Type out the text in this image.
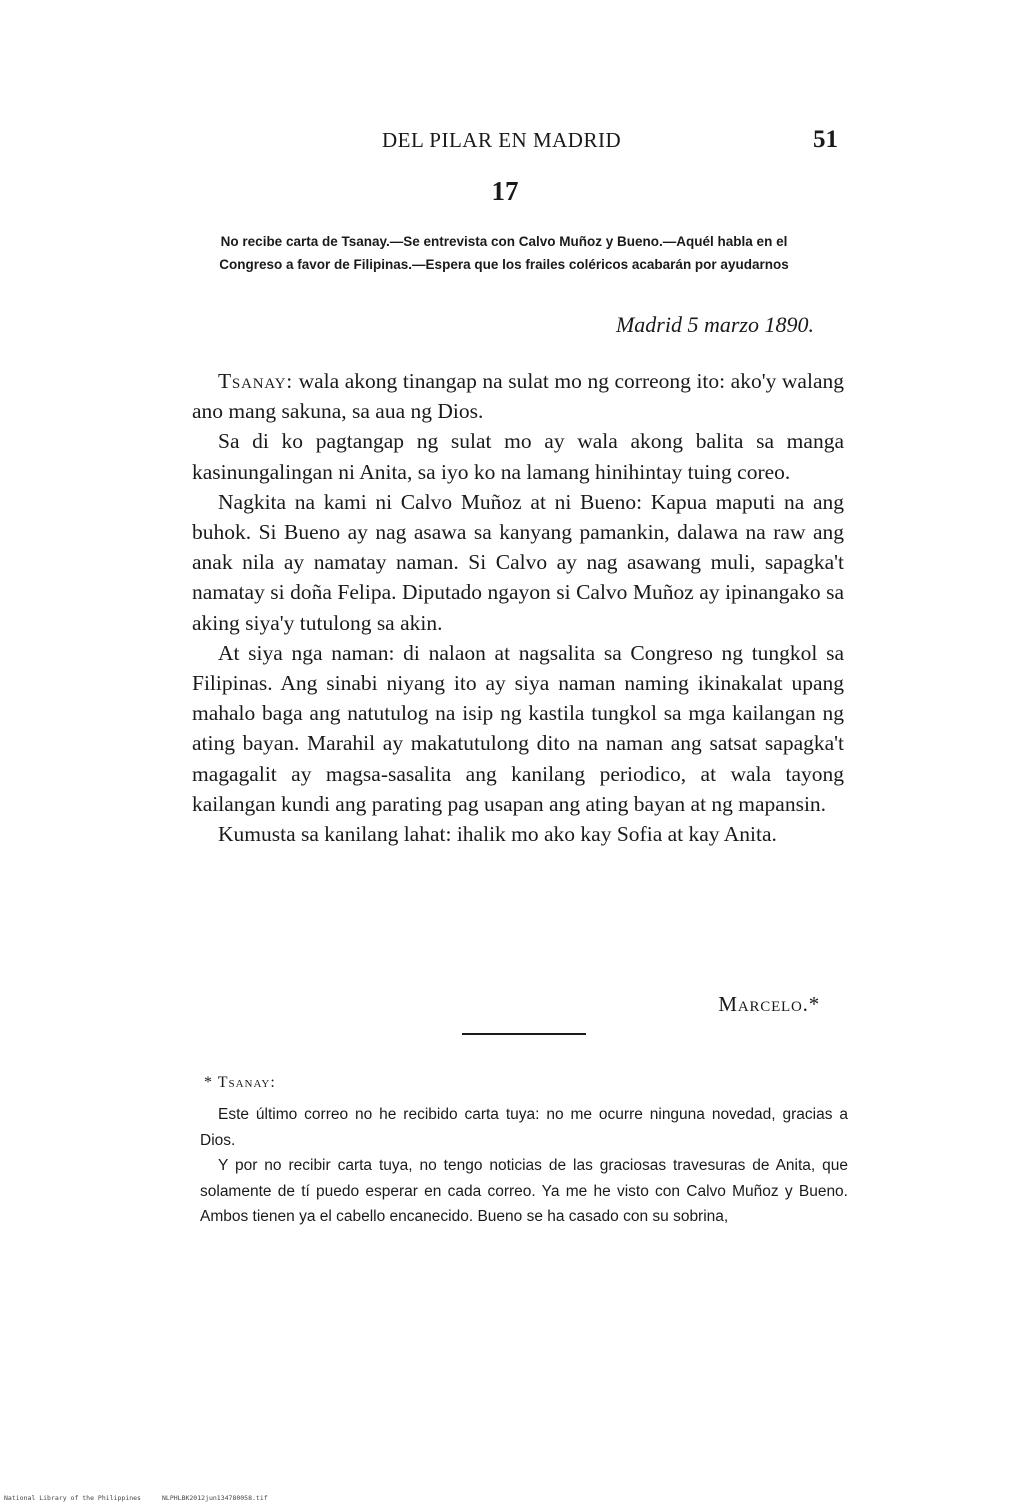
DEL PILAR EN MADRID	51
17
No recibe carta de Tsanay.—Se entrevista con Calvo Muñoz y Bueno.—Aquél habla en el Congreso a favor de Filipinas.—Espera que los frailes coléricos acabarán por ayudarnos
Madrid 5 marzo 1890.

Tsanay: wala akong tinangap na sulat mo ng correong ito: ako'y walang ano mang sakuna, sa aua ng Dios.

Sa di ko pagtangap ng sulat mo ay wala akong balita sa manga kasinungalingan ni Anita, sa iyo ko na lamang hinihintay tuing coreo.

Nagkita na kami ni Calvo Muñoz at ni Bueno: Kapua maputi na ang buhok. Si Bueno ay nag asawa sa kanyang pamankin, dalawa na raw ang anak nila ay namatay naman. Si Calvo ay nag asawang muli, sapagka't namatay si doña Felipa. Diputado ngayon si Calvo Muñoz ay ipinangako sa aking siya'y tutulong sa akin.

At siya nga naman: di nalaon at nagsalita sa Congreso ng tungkol sa Filipinas. Ang sinabi niyang ito ay siya naman naming ikinakalat upang mahalo baga ang natutulog na isip ng kastila tungkol sa mga kailangan ng ating bayan. Marahil ay makatutulong dito na naman ang satsat sapagka't magagalit ay magsa-sasalita ang kanilang periodico, at wala tayong kailangan kundi ang parating pag usapan ang ating bayan at ng mapansin.

Kumusta sa kanilang lahat: ihalik mo ako kay Sofia at kay Anita.

Marcelo.*
* Tsanay:

Este último correo no he recibido carta tuya: no me ocurre ninguna novedad, gracias a Dios.

Y por no recibir carta tuya, no tengo noticias de las graciosas travesuras de Anita, que solamente de tí puedo esperar en cada correo. Ya me he visto con Calvo Muñoz y Bueno. Ambos tienen ya el cabello encanecido. Bueno se ha casado con su sobrina,

National Library of the Philippines	NLPHLBK2012jun134780058.tif
